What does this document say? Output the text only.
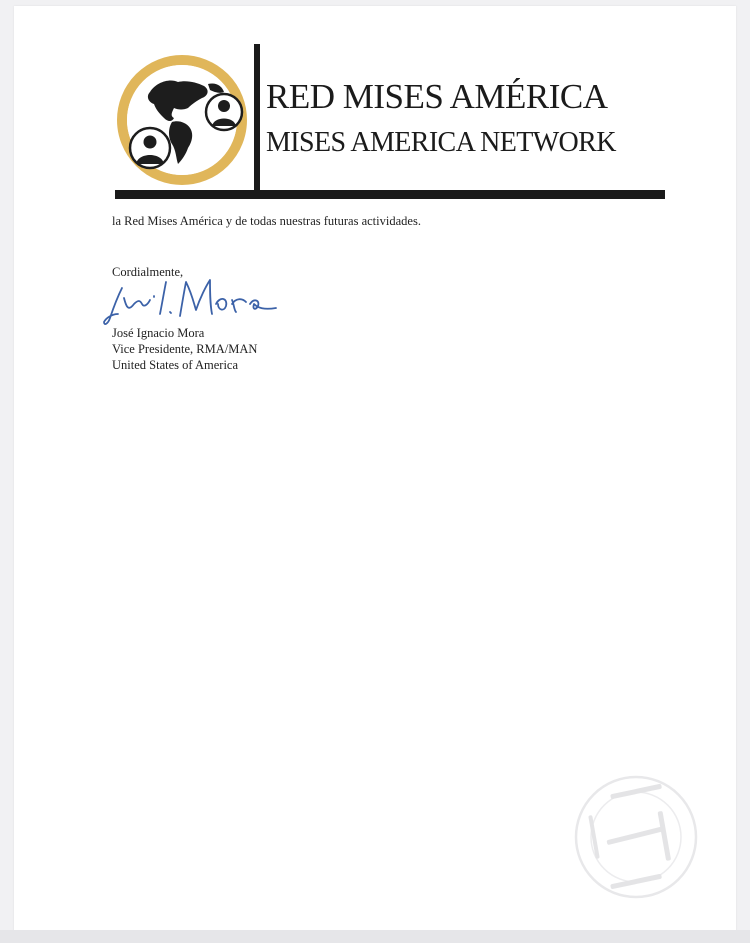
RED MISES AMÉRICA
MISES AMERICA NETWORK
la Red Mises América y de todas nuestras futuras actividades.
Cordialmente,
José Ignacio Mora
Vice Presidente, RMA/MAN
United States of America
